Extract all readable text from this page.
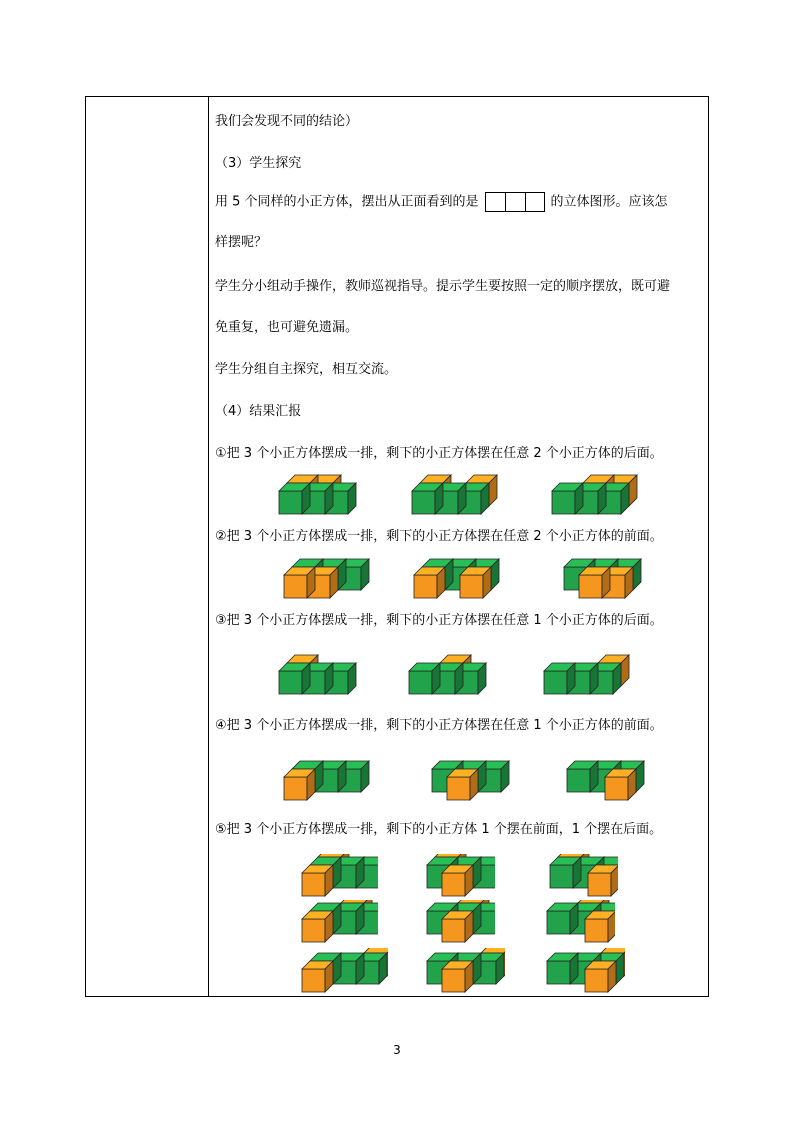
我们会发现不同的结论）
（3）学生探究
用 5 个同样的小正方体，摆出从正面看到的是	的立体图形。应该怎
样摆呢？
学生分小组动手操作，教师巡视指导。提示学生要按照一定的顺序摆放，既可避
免重复，也可避免遗漏。
学生分组自主探究，相互交流。
（4）结果汇报
①把 3 个小正方体摆成一排，剩下的小正方体摆在任意 2 个小正方体的后面。
②把 3 个小正方体摆成一排，剩下的小正方体摆在任意 2 个小正方体的前面。
③把 3 个小正方体摆成一排，剩下的小正方体摆在任意 1 个小正方体的后面。
④把 3 个小正方体摆成一排，剩下的小正方体摆在任意 1 个小正方体的前面。
⑤把 3 个小正方体摆成一排，剩下的小正方体 1 个摆在前面，1 个摆在后面。
3
